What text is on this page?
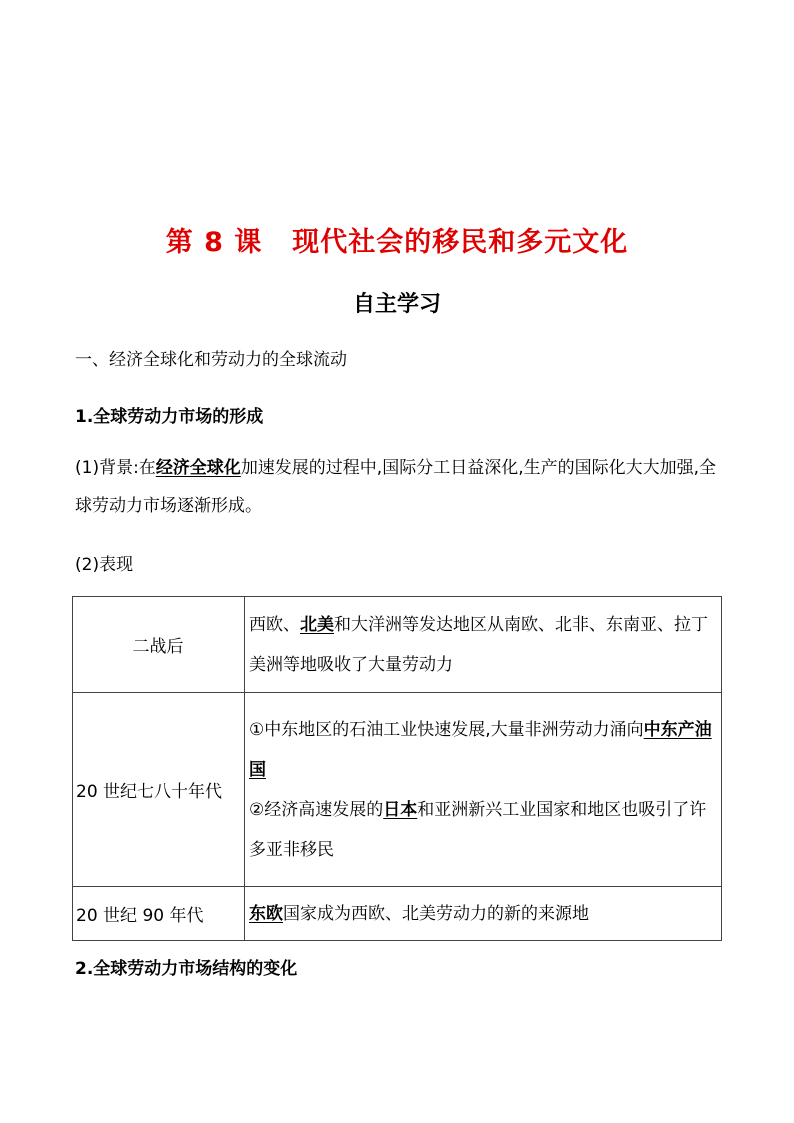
第 8 课 现代社会的移民和多元文化
自主学习
一、经济全球化和劳动力的全球流动
1.全球劳动力市场的形成
(1)背景:在经济全球化加速发展的过程中,国际分工日益深化,生产的国际化大大加强,全球劳动力市场逐渐形成。
(2)表现
二战后	西欧、北美和大洋洲等发达地区从南欧、北非、东南亚、拉丁美洲等地吸收了大量劳动力
20 世纪七八十年代	①中东地区的石油工业快速发展,大量非洲劳动力涌向中东产油国
②经济高速发展的日本和亚洲新兴工业国家和地区也吸引了许多亚非移民

20 世纪 90 年代	东欧国家成为西欧、北美劳动力的新的来源地
2.全球劳动力市场结构的变化
